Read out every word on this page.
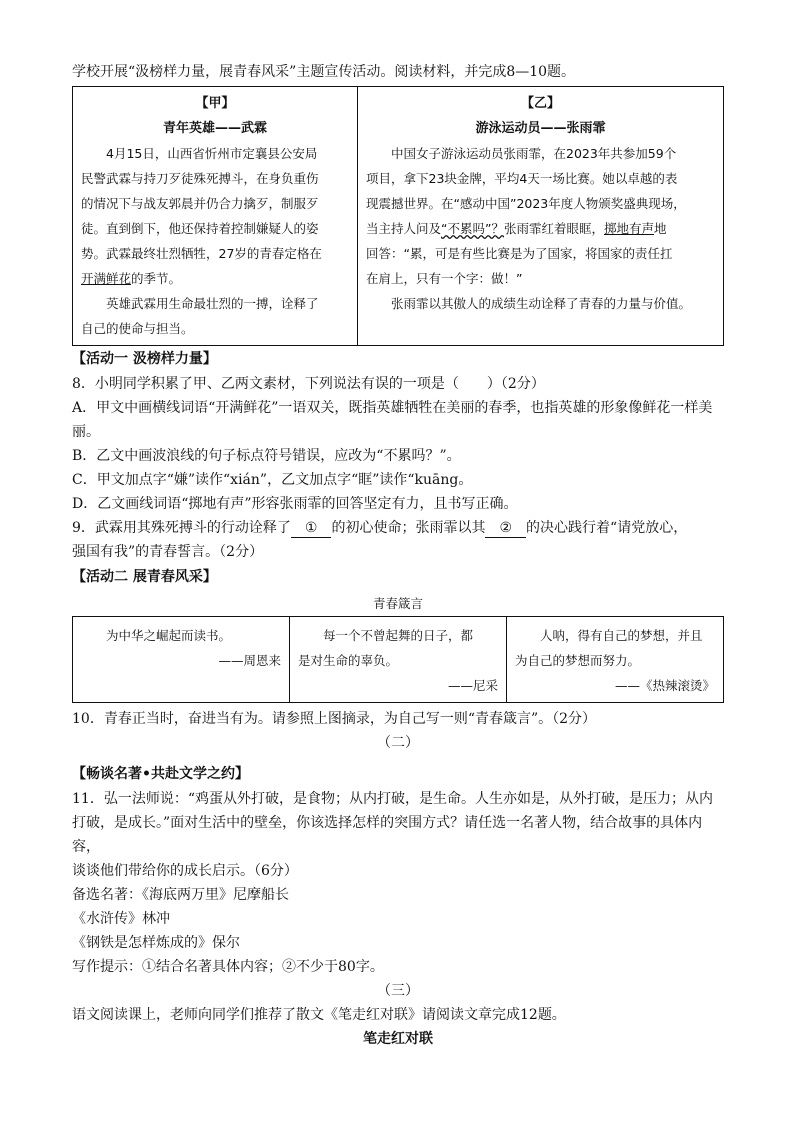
学校开展“汲榜样力量，展青春风采”主题宣传活动。阅读材料，并完成8—10题。

【甲】
青年英雄——武霖
4月15日，山西省忻州市定襄县公安局
民警武霖与持刀歹徒殊死搏斗，在身负重伤
的情况下与战友郭晨并仍合力擒歹，制服歹
徒。直到倒下，他还保持着控制嫌疑人的姿
势。武霖最终壮烈牺牲，27岁的青春定格在
开满鲜花的季节。
英雄武霖用生命最壮烈的一搏，诠释了
自己的使命与担当。

【乙】
游泳运动员——张雨霏
中国女子游泳运动员张雨霏，在2023年共参加59个
项目，拿下23块金牌，平均4天一场比赛。她以卓越的表
现震撼世界。在“感动中国”2023年度人物颁奖盛典现场，
当主持人问及“不累吗”？张雨霏红着眼眶，掷地有声地
回答：“累，可是有些比赛是为了国家，将国家的责任扛
在肩上，只有一个字：做！”
张雨霏以其傲人的成绩生动诠释了青春的力量与价值。

【活动一 汲榜样力量】

8．小明同学积累了甲、乙两文素材，下列说法有误的一项是（　　）（2分）

A．甲文中画横线词语“开满鲜花”一语双关，既指英雄牺牲在美丽的春季，也指英雄的形象像鲜花一样美

丽。

B．乙文中画波浪线的句子标点符号错误，应改为“不累吗？”。

C．甲文加点字“嫌”读作“xián”，乙文加点字“眶”读作“kuāng。

D．乙文画线词语“掷地有声”形容张雨霏的回答坚定有力，且书写正确。

9．武霖用其殊死搏斗的行动诠释了 ① 的初心使命；张雨霏以其 ② 的决心践行着“请党放心，

强国有我”的青春誓言。（2分）

【活动二 展青春风采】

青春箴言
为中华之崛起而读书。
——周恩来

每一个不曾起舞的日子，都
是对生命的辜负。
——尼采

人呐，得有自己的梦想，并且
为自己的梦想而努力。
——《热辣滚烫》

10．青春正当时，奋进当有为。请参照上图摘录，为自己写一则“青春箴言”。（2分）

（二）

【畅谈名著•共赴文学之约】

11．弘一法师说：“鸡蛋从外打破，是食物；从内打破，是生命。人生亦如是，从外打破，是压力；从内

打破，是成长。”面对生活中的壁垒，你该选择怎样的突围方式？请任选一名著人物，结合故事的具体内容，

谈谈他们带给你的成长启示。（6分）

备选名著：《海底两万里》尼摩船长

《水浒传》林冲

《钢铁是怎样炼成的》保尔

写作提示：①结合名著具体内容；②不少于80字。

（三）

语文阅读课上，老师向同学们推荐了散文《笔走红对联》请阅读文章完成12题。

笔走红对联
